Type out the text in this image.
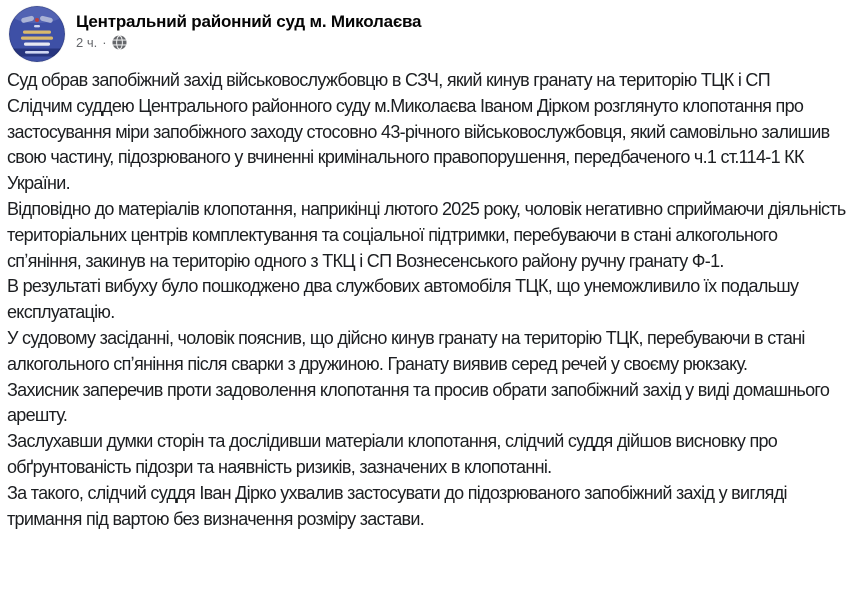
Центральний районний суд м. Миколаєва
2 ч. ·
Суд обрав запобіжний захід військовослужбовцю в СЗЧ, який кинув гранату на територію ТЦК і СП
Слідчим суддею Центрального районного суду м.Миколаєва Іваном Дірком розглянуто клопотання про застосування міри запобіжного заходу стосовно 43-річного військовослужбовця, який самовільно залишив свою частину, підозрюваного у вчиненні кримінального правопорушення, передбаченого ч.1 ст.114-1 КК України.
Відповідно до матеріалів клопотання, наприкінці лютого 2025 року, чоловік негативно сприймаючи діяльність територіальних центрів комплектування та соціальної підтримки, перебуваючи в стані алкогольного спʼяніння, закинув на територію одного з ТКЦ і СП Вознесенського району ручну гранату Ф-1.
В результаті вибуху було пошкоджено два службових автомобіля ТЦК, що унеможливило їх подальшу експлуатацію.
У судовому засіданні, чоловік пояснив, що дійсно кинув гранату на територію ТЦК, перебуваючи в стані алкогольного спʼяніння після сварки з дружиною. Гранату виявив серед речей у своєму рюкзаку.
Захисник заперечив проти задоволення клопотання та просив обрати запобіжний захід у виді домашнього арешту.
Заслухавши думки сторін та дослідивши матеріали клопотання, слідчий суддя дійшов висновку про обґрунтованість підозри та наявність ризиків, зазначених в клопотанні.
За такого, слідчий суддя Іван Дірко ухвалив застосувати до підозрюваного запобіжний захід у вигляді тримання під вартою без визначення розміру застави.
